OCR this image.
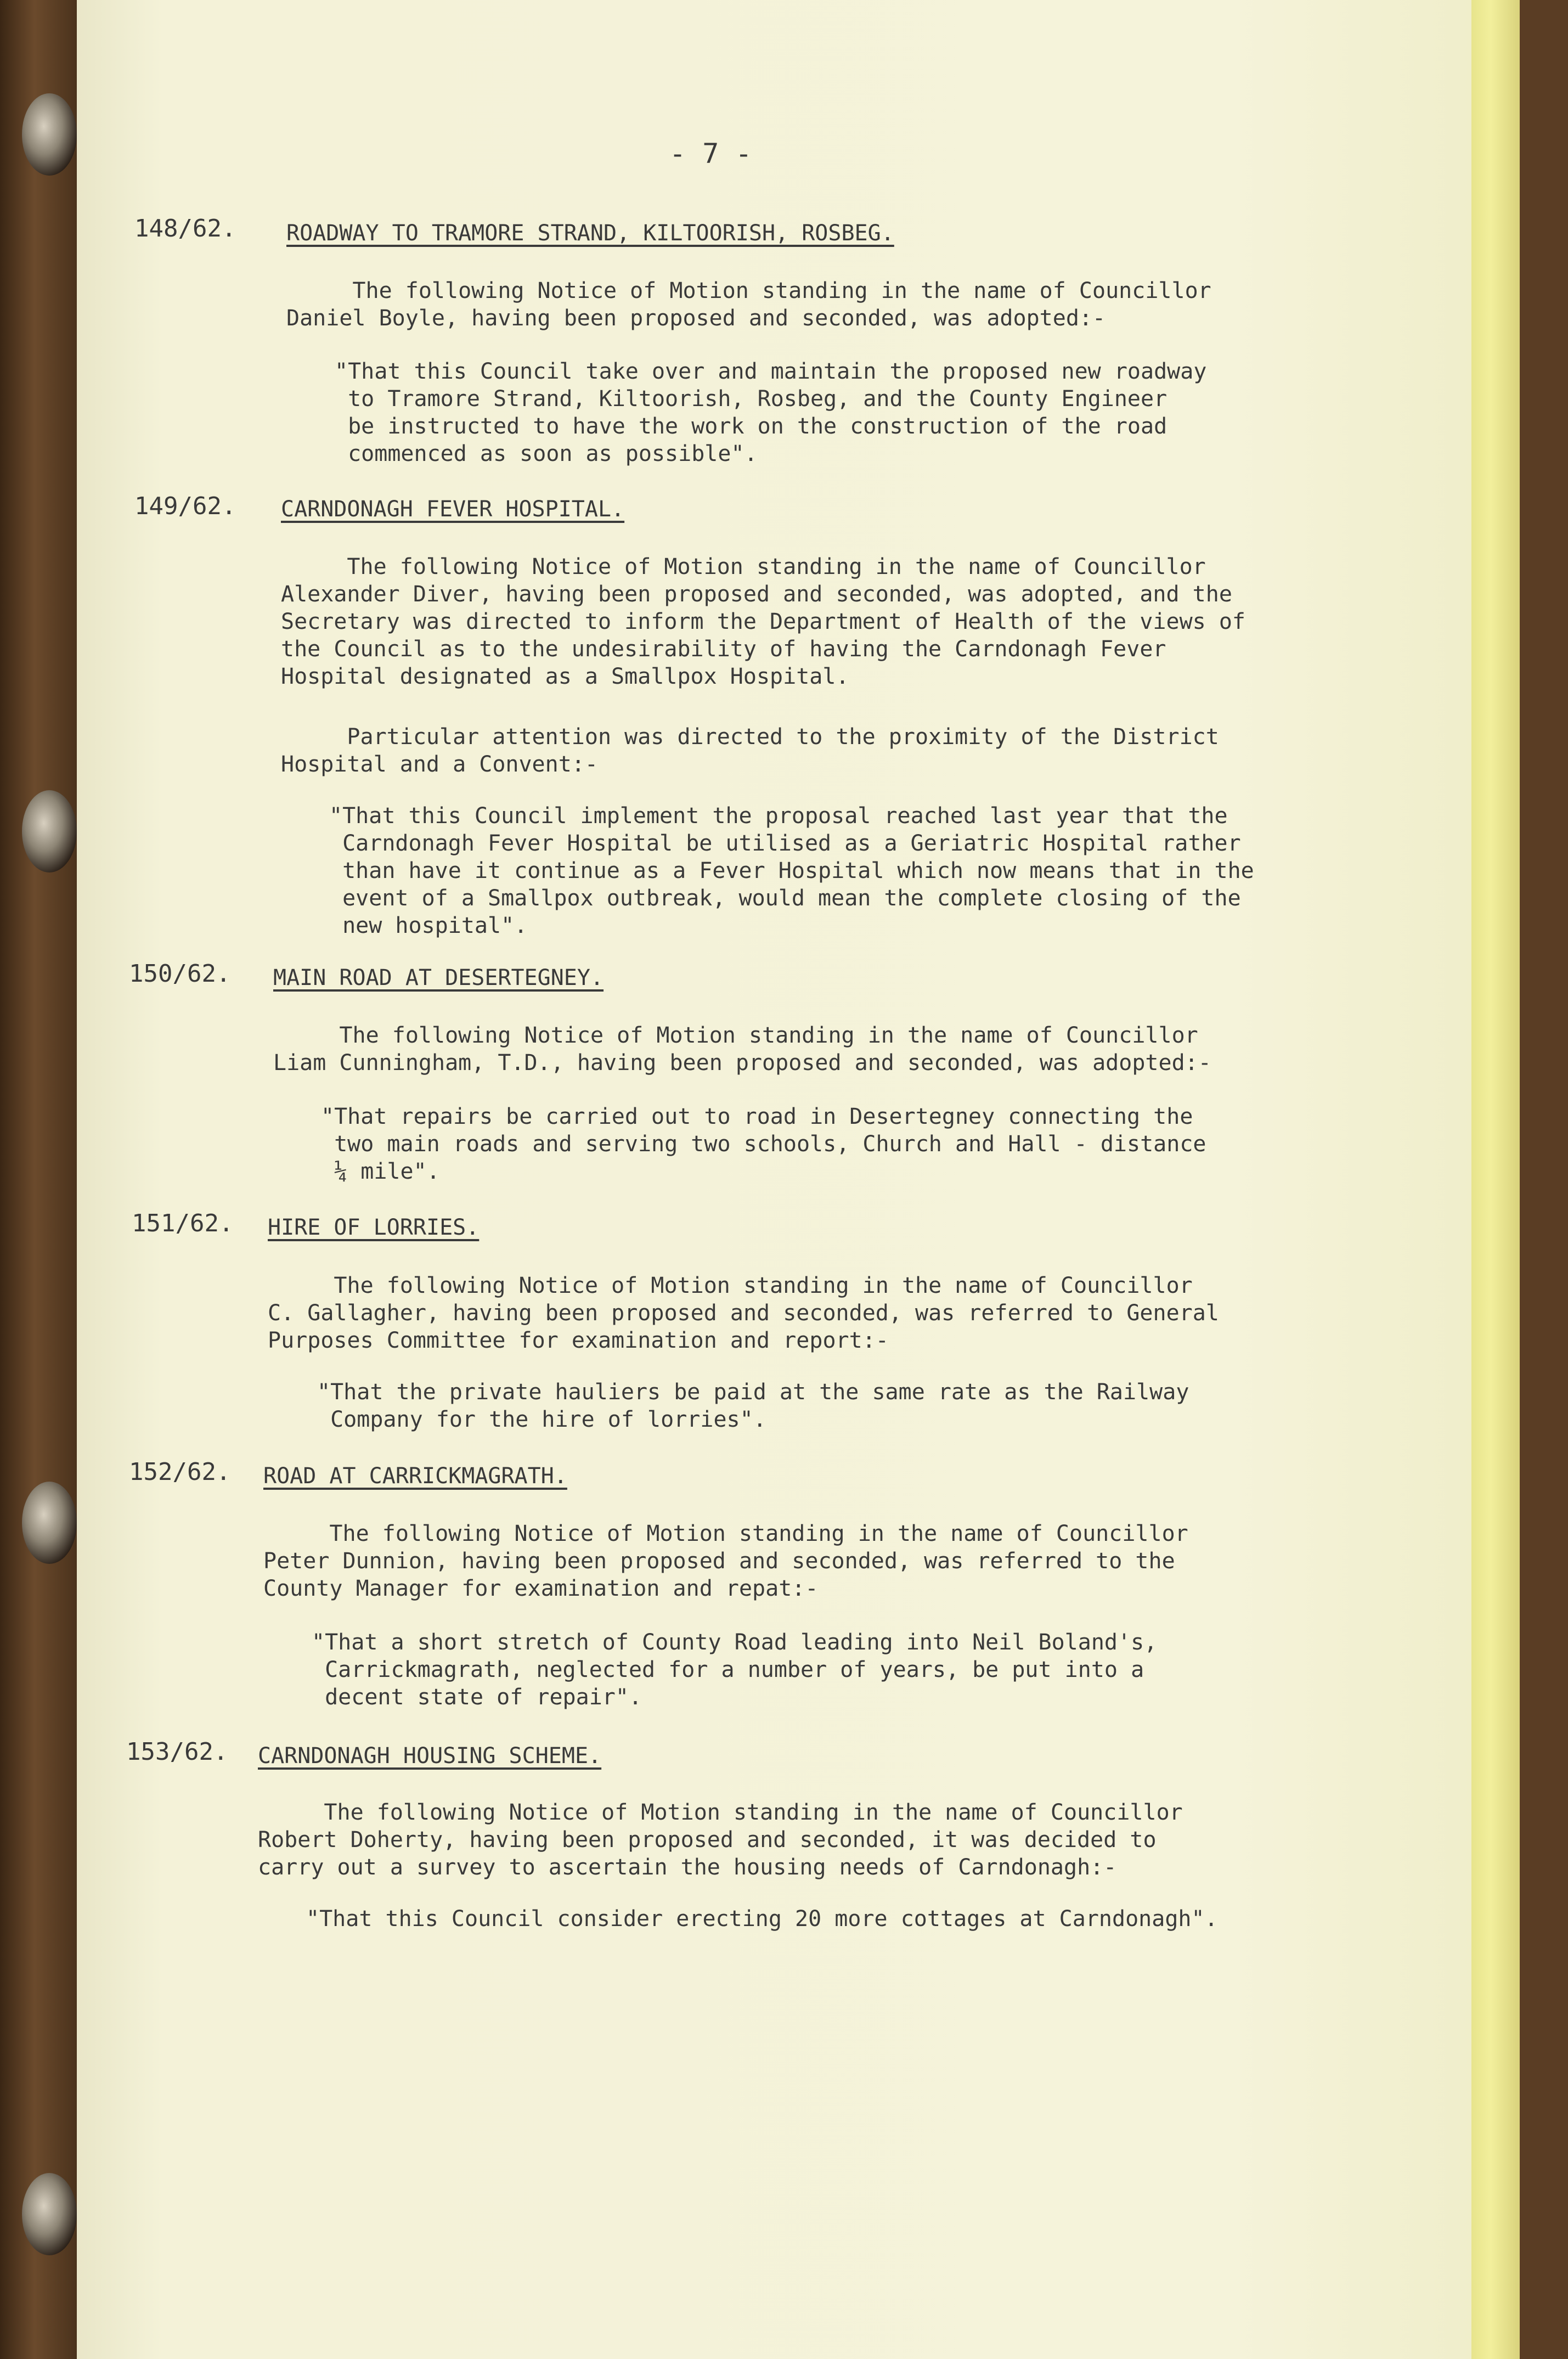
- 7 -
148/62. ROADWAY TO TRAMORE STRAND, KILTOORISH, ROSBEG.
The following Notice of Motion standing in the name of Councillor
Daniel Boyle, having been proposed and seconded, was adopted:-
"That this Council take over and maintain the proposed new roadway
to Tramore Strand, Kiltoorish, Rosbeg, and the County Engineer
be instructed to have the work on the construction of the road
commenced as soon as possible".
149/62. CARNDONAGH FEVER HOSPITAL.
The following Notice of Motion standing in the name of Councillor
Alexander Diver, having been proposed and seconded, was adopted, and the
Secretary was directed to inform the Department of Health of the views of
the Council as to the undesirability of having the Carndonagh Fever
Hospital designated as a Smallpox Hospital.
Particular attention was directed to the proximity of the District
Hospital and a Convent:-
"That this Council implement the proposal reached last year that the
Carndonagh Fever Hospital be utilised as a Geriatric Hospital rather
than have it continue as a Fever Hospital which now means that in the
event of a Smallpox outbreak, would mean the complete closing of the
new hospital".
150/62. MAIN ROAD AT DESERTEGNEY.
The following Notice of Motion standing in the name of Councillor
Liam Cunningham, T.D., having been proposed and seconded, was adopted:-
"That repairs be carried out to road in Desertegney connecting the
two main roads and serving two schools, Church and Hall - distance
¼ mile".
151/62. HIRE OF LORRIES.
The following Notice of Motion standing in the name of Councillor
C. Gallagher, having been proposed and seconded, was referred to General
Purposes Committee for examination and report:-
"That the private hauliers be paid at the same rate as the Railway
Company for the hire of lorries".
152/62. ROAD AT CARRICKMAGRATH.
The following Notice of Motion standing in the name of Councillor
Peter Dunnion, having been proposed and seconded, was referred to the
County Manager for examination and repat:-
"That a short stretch of County Road leading into Neil Boland's,
Carrickmagrath, neglected for a number of years, be put into a
decent state of repair".
153/62. CARNDONAGH HOUSING SCHEME.
The following Notice of Motion standing in the name of Councillor
Robert Doherty, having been proposed and seconded, it was decided to
carry out a survey to ascertain the housing needs of Carndonagh:-
"That this Council consider erecting 20 more cottages at Carndonagh".
